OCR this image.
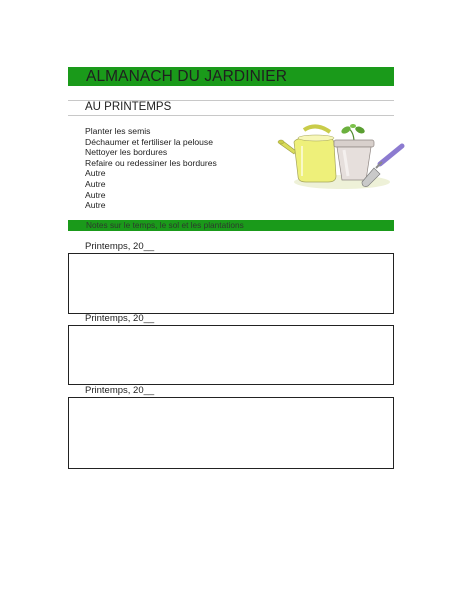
ALMANACH DU JARDINIER
AU PRINTEMPS
Planter les semis
Déchaumer et fertiliser la pelouse
Nettoyer les bordures
Refaire ou redessiner les bordures
Autre
Autre
Autre
Autre
Notes sur le temps, le sol et les plantations
Printemps, 20__
Printemps, 20__
Printemps, 20__
